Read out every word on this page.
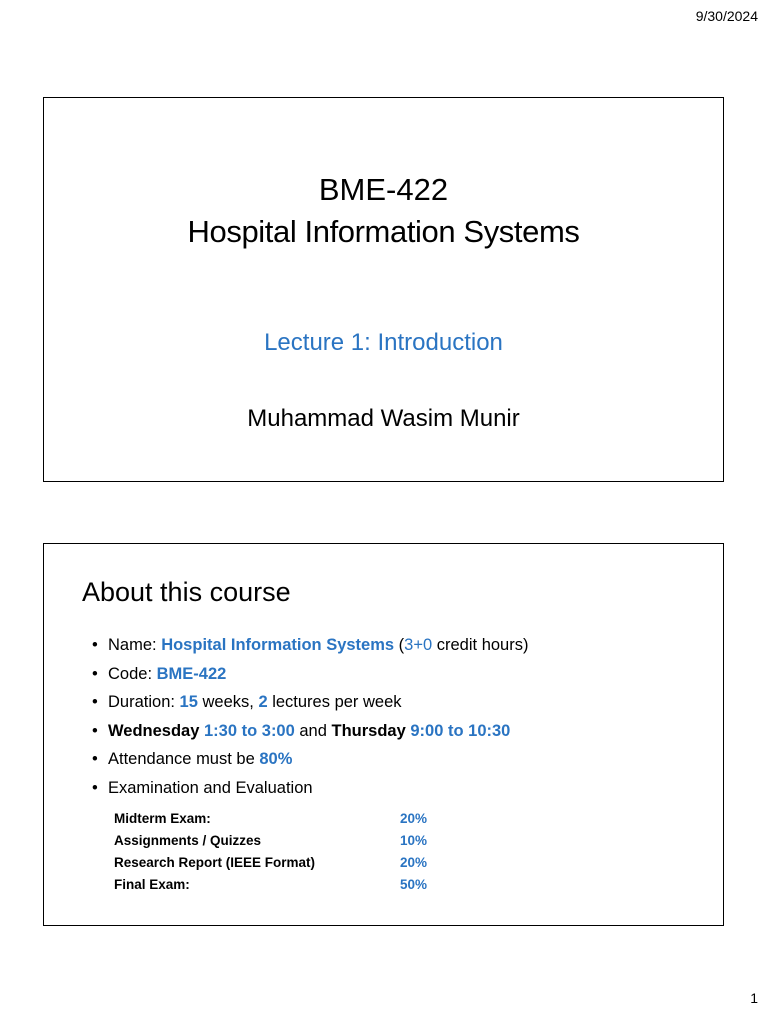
9/30/2024
BME-422
Hospital Information Systems
Lecture 1: Introduction
Muhammad Wasim Munir
About this course
• Name: Hospital Information Systems (3+0 credit hours)
• Code: BME-422
• Duration: 15 weeks, 2 lectures per week
• Wednesday 1:30 to 3:00 and Thursday 9:00 to 10:30
• Attendance must be 80%
• Examination and Evaluation
Midterm Exam:	20%
Assignments / Quizzes	10%
Research Report (IEEE Format)	20%
Final Exam:	50%
1
